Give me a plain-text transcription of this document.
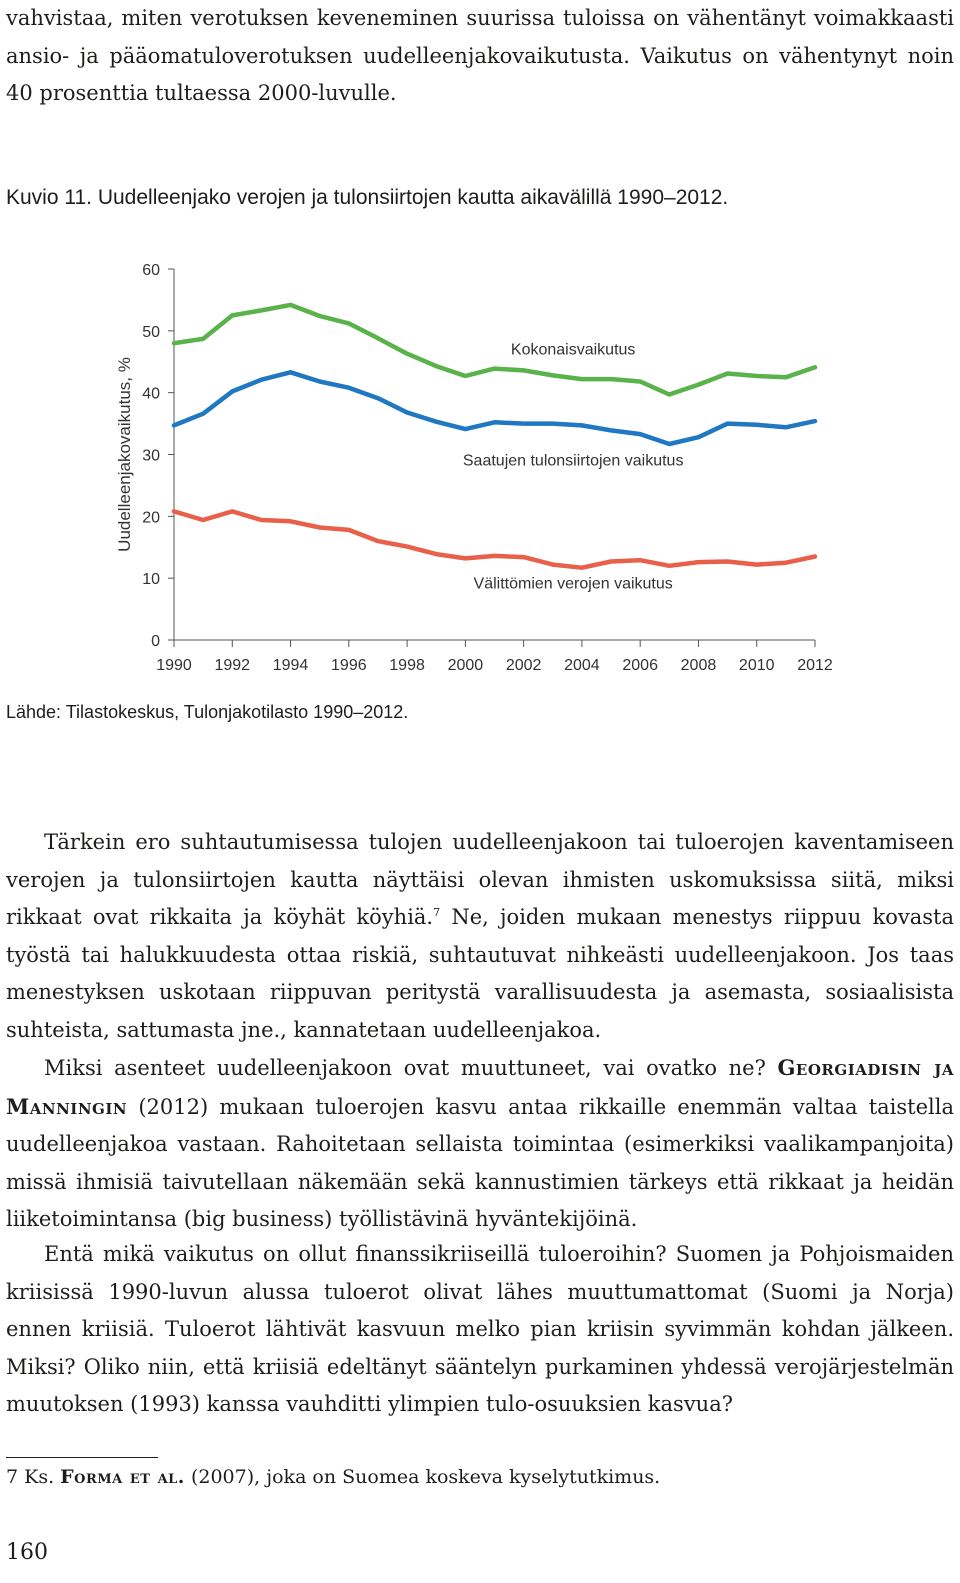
vahvistaa, miten verotuksen keveneminen suurissa tuloissa on vähentänyt voimakkaasti ansio- ja pääomatuloverotuksen uudelleenjakovaikutusta. Vaikutus on vähentynyt noin 40 prosenttia tultaessa 2000-luvulle.
Kuvio 11. Uudelleenjako verojen ja tulonsiirtojen kautta aikavälillä 1990–2012.
0
10
20
30
40
50
60
1990 1992 1994 1996 1998 2000 2002 2004 2006 2008 2010 2012
Kokonaisvaikutus
Saatujen tulonsiirtojen vaikutus
Välittömien verojen vaikutus
Uudelleenjakovaikutus, %
Lähde: Tilastokeskus, Tulonjakotilasto 1990–2012.
Tärkein ero suhtautumisessa tulojen uudelleenjakoon tai tuloerojen kaventamiseen verojen ja tulonsiirtojen kautta näyttäisi olevan ihmisten uskomuksissa siitä, miksi rikkaat ovat rikkaita ja köyhät köyhiä.$^7$ Ne, joiden mukaan menestys riippuu kovasta työstä tai halukkuudesta ottaa riskiä, suhtautuvat nihkeästi uudelleenjakoon. Jos taas menestyksen uskotaan riippuvan peritystä varallisuudesta ja asemasta, sosiaalisista suhteista, sattumasta jne., kannatetaan uudelleenjakoa.
Miksi asenteet uudelleenjakoon ovat muuttuneet, vai ovatko ne? Georgiadisin ja Manningin (2012) mukaan tuloerojen kasvu antaa rikkaille enemmän valtaa taistella uudelleenjakoa vastaan. Rahoitetaan sellaista toimintaa (esimerkiksi vaalikampanjoita) missä ihmisiä taivutellaan näkemään sekä kannustimien tärkeys että rikkaat ja heidän liiketoimintansa (big business) työllistävinä hyväntekijöinä.
Entä mikä vaikutus on ollut finanssikriiseillä tuloeroihin? Suomen ja Pohjoismaiden kriisissä 1990-luvun alussa tuloerot olivat lähes muuttumattomat (Suomi ja Norja) ennen kriisiä. Tuloerot lähtivät kasvuun melko pian kriisin syvimmän kohdan jälkeen. Miksi? Oliko niin, että kriisiä edeltänyt sääntelyn purkaminen yhdessä verojärjestelmän muutoksen (1993) kanssa vauhditti ylimpien tulo-osuuksien kasvua?
7 Ks. Forma et al. (2007), joka on Suomea koskeva kyselytutkimus.
160
